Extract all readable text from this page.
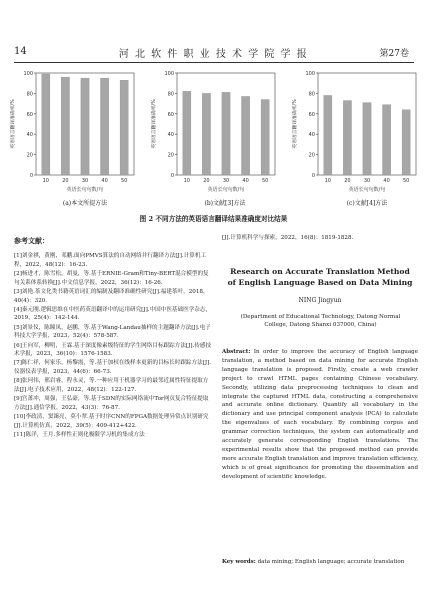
14	河 北 软 件 职 业 技 术 学 院 学 报	第27卷
0
20
40
60
80
100
10	20	30	40	50
英语长句句数/句
英语语言翻译准确率/%
0
20
40
60
80
100
10	20	30	40	50
英语长句句数/句
英语语言翻译准确率/%
0
20
40
60
80
100
10	20	30	40	50
英语长句句数/句
英语语言翻译准确率/%
(a)本文所提方法	(b)文献[3]方法	(c)文献[4]方法
图 2 不同方法的英语语言翻译结果准确度对比结果
参考文献：
[1]刘金祺，黄刚，邓鹏.面向PMVS算法的自动网络并行翻译方法[J].计算机工程，2022，48(12)：16-23.
[2]杨进才，陈雪松，胡曼，等.基于ERNIE-Gram和Tiny-BERT混合模型的复句关系体系转换[J].中文信息学报，2022，36(12)：16-26.
[3]刘艳.茶文化类书籍英语词汇的编制及翻译准确性研究[J].福建茶叶，2018，40(4)：320.
[4]秦元刚.逻辑思维在中医药英语翻译中的运用研究[J].中国中医基础医学杂志，2019，25(4)：142-144.
[5]刘景仪，陈瞳凤，赵鹏，等.基于Wang-Landau抽样的主题翻译方法[J].电子科技大学学报，2023，52(4)：578-587.
[6]王向军，柳明，王霖.基于深度像素级特征的学生网络目标跟踪方法[J].传感技术学报，2023，36(10)：1576-1583.
[7]陈仁祥，何家乐，杨黎霞，等.基于加权在线样本更新的目标长时跟踪方法[J].仪器仪表学报，2023，44(6)：66-73.
[8]张珂伟，邢岩睿，程永灵，等.一种应用于机器学习的最邻近属性特征提取方法[J].电子技术应用，2022，48(12)：122-127.
[9]宫萧冲，周强，王弘豪，等.基于SDN的实际网络流中Tor网页复合特征提取方法[J].通信学报，2022，43(3)：76-87.
[10]李政清，窦臻亮，莫小翠.基于时序CNN的FPGA数据处理异常点识别研究[J].计算机仿真，2022，39(5)：409-412+422.
[11]陈洋，王月.多样性正则化极限学习机的集成方法
[J].计算机科学与探索，2022，16(8)：1819-1828.
Research on Accurate Translation Method
of English Language Based on Data Mining
NING Jingyun
(Department of Educational Technology, Datong Normal
College, Datong Shanxi 037000, China)
Abstract: In order to improve the accuracy of English language translation, a method based on data mining for accurate English language translation is proposed. Firstly, create a web crawler project to crawl HTML pages containing Chinese vocabulary. Secondly, utilizing data preprocessing techniques to clean and integrate the captured HTML data, constructing a comprehensive and accurate online dictionary. Quantify all vocabulary in the dictionary and use principal component analysis (PCA) to calculate the eigenvalues of each vocabulary. By combining corpus and grammar correction techniques, the system can automatically and accurately generate corresponding English translations. The experimental results show that the proposed method can provide more accurate English translation and improve translation efficiency, which is of great significance for promoting the dissemination and development of scientific knowledge.
Key words: data mining; English language; accurate translation
